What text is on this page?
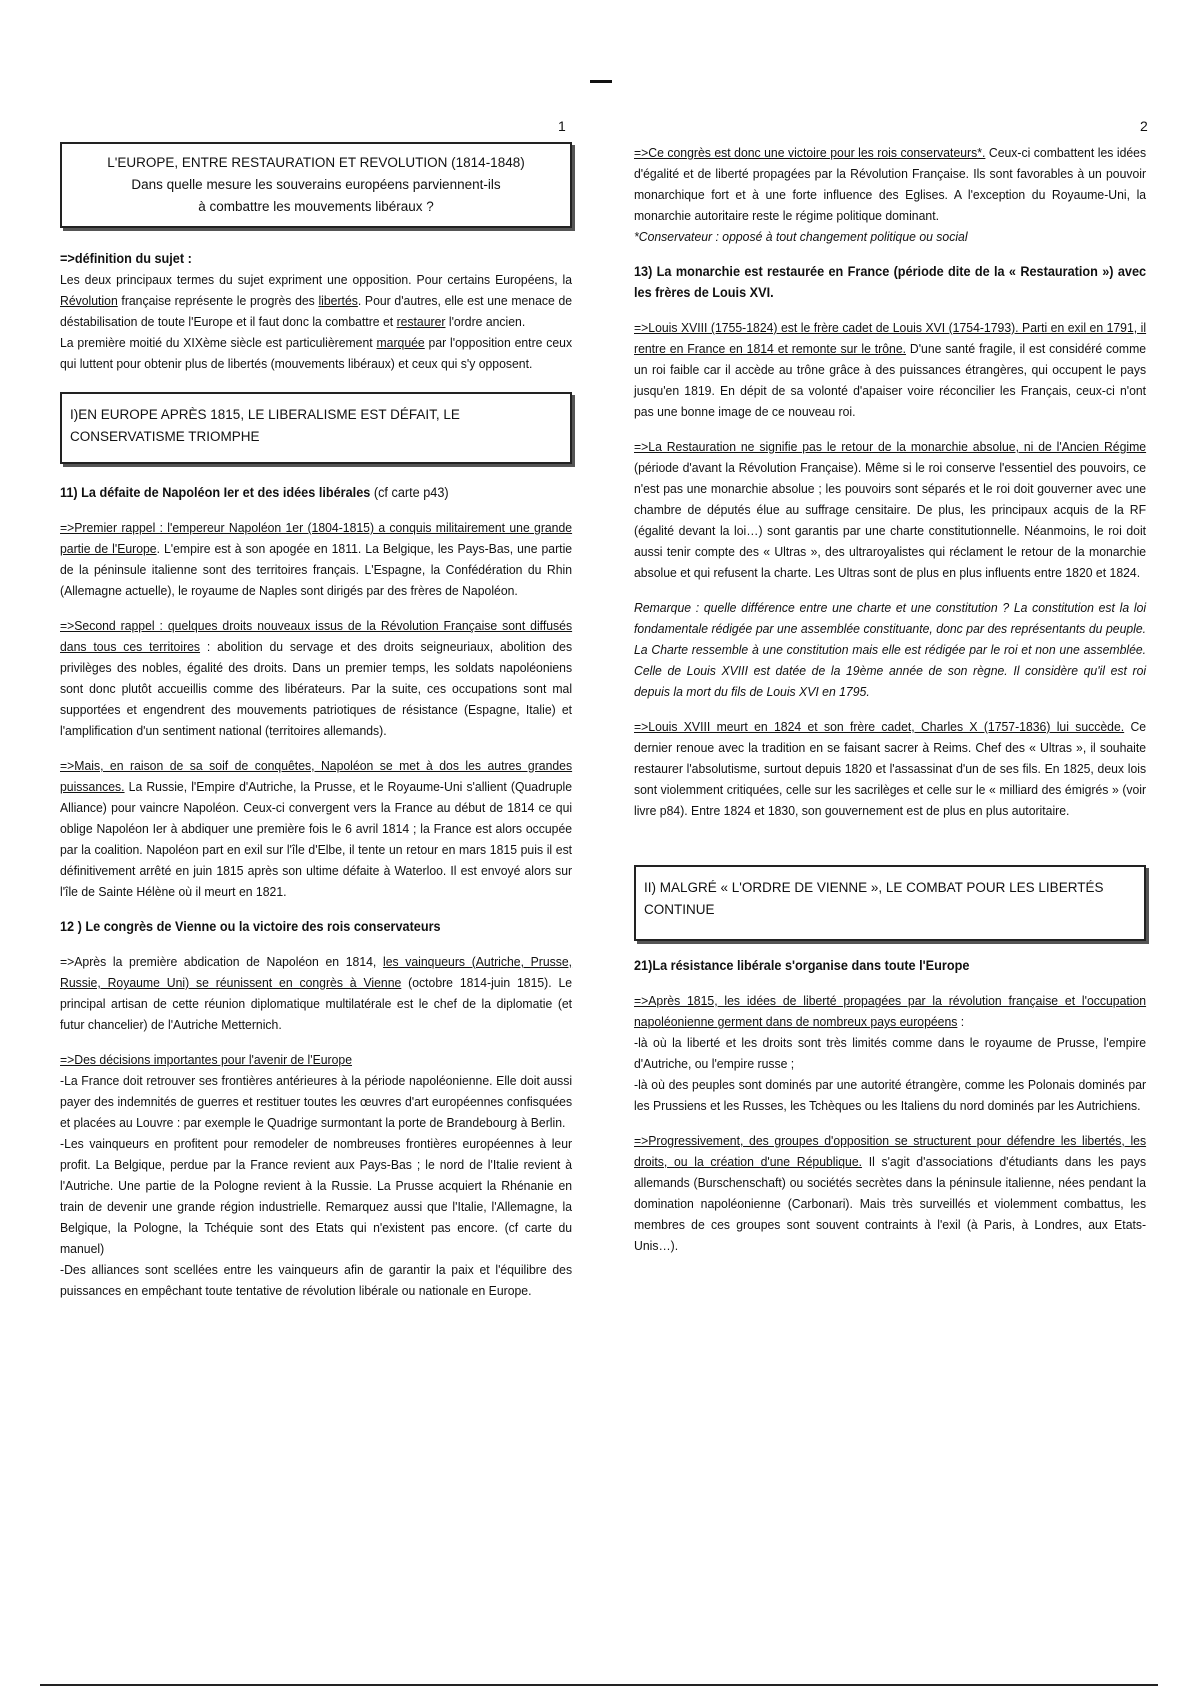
1	2
L'EUROPE, ENTRE RESTAURATION ET REVOLUTION (1814-1848)
Dans quelle mesure les souverains européens parviennent-ils
à combattre les mouvements libéraux ?

=>définition du sujet :

Les deux principaux termes du sujet expriment une opposition. Pour certains Européens, la Révolution française représente le progrès des libertés. Pour d'autres, elle est une menace de déstabilisation de toute l'Europe et il faut donc la combattre et restaurer l'ordre ancien.

La première moitié du XIXème siècle est particulièrement marquée par l'opposition entre ceux qui luttent pour obtenir plus de libertés (mouvements libéraux) et ceux qui s'y opposent.

I)EN EUROPE APRÈS 1815, LE LIBERALISME EST DÉFAIT, LE CONSERVATISME TRIOMPHE

11) La défaite de Napoléon Ier et des idées libérales (cf carte p43)

=>Premier rappel : l'empereur Napoléon 1er (1804-1815) a conquis militairement une grande partie de l'Europe. L'empire est à son apogée en 1811. La Belgique, les Pays-Bas, une partie de la péninsule italienne sont des territoires français. L'Espagne, la Confédération du Rhin (Allemagne actuelle), le royaume de Naples sont dirigés par des frères de Napoléon.

=>Second rappel : quelques droits nouveaux issus de la Révolution Française sont diffusés dans tous ces territoires : abolition du servage et des droits seigneuriaux, abolition des privilèges des nobles, égalité des droits. Dans un premier temps, les soldats napoléoniens sont donc plutôt accueillis comme des libérateurs. Par la suite, ces occupations sont mal supportées et engendrent des mouvements patriotiques de résistance (Espagne, Italie) et l'amplification d'un sentiment national (territoires allemands).

=>Mais, en raison de sa soif de conquêtes, Napoléon se met à dos les autres grandes puissances. La Russie, l'Empire d'Autriche, la Prusse, et le Royaume-Uni s'allient (Quadruple Alliance) pour vaincre Napoléon. Ceux-ci convergent vers la France au début de 1814 ce qui oblige Napoléon Ier à abdiquer une première fois le 6 avril 1814 ; la France est alors occupée par la coalition. Napoléon part en exil sur l'île d'Elbe, il tente un retour en mars 1815 puis il est définitivement arrêté en juin 1815 après son ultime défaite à Waterloo. Il est envoyé alors sur l'île de Sainte Hélène où il meurt en 1821.

12 ) Le congrès de Vienne ou la victoire des rois conservateurs

=>Après la première abdication de Napoléon en 1814, les vainqueurs (Autriche, Prusse, Russie, Royaume Uni) se réunissent en congrès à Vienne (octobre 1814-juin 1815). Le principal artisan de cette réunion diplomatique multilatérale est le chef de la diplomatie (et futur chancelier) de l'Autriche Metternich.

=>Des décisions importantes pour l'avenir de l'Europe

-La France doit retrouver ses frontières antérieures à la période napoléonienne. Elle doit aussi payer des indemnités de guerres et restituer toutes les œuvres d'art européennes confisquées et placées au Louvre : par exemple le Quadrige surmontant la porte de Brandebourg à Berlin.

-Les vainqueurs en profitent pour remodeler de nombreuses frontières européennes à leur profit. La Belgique, perdue par la France revient aux Pays-Bas ; le nord de l'Italie revient à l'Autriche. Une partie de la Pologne revient à la Russie. La Prusse acquiert la Rhénanie en train de devenir une grande région industrielle. Remarquez aussi que l'Italie, l'Allemagne, la Belgique, la Pologne, la Tchéquie sont des Etats qui n'existent pas encore. (cf carte du manuel)

-Des alliances sont scellées entre les vainqueurs afin de garantir la paix et l'équilibre des puissances en empêchant toute tentative de révolution libérale ou nationale en Europe.

=>Ce congrès est donc une victoire pour les rois conservateurs*. Ceux-ci combattent les idées d'égalité et de liberté propagées par la Révolution Française. Ils sont favorables à un pouvoir monarchique fort et à une forte influence des Eglises. A l'exception du Royaume-Uni, la monarchie autoritaire reste le régime politique dominant.

*Conservateur : opposé à tout changement politique ou social

13) La monarchie est restaurée en France (période dite de la « Restauration ») avec les frères de Louis XVI.

=>Louis XVIII (1755-1824) est le frère cadet de Louis XVI (1754-1793). Parti en exil en 1791, il rentre en France en 1814 et remonte sur le trône. D'une santé fragile, il est considéré comme un roi faible car il accède au trône grâce à des puissances étrangères, qui occupent le pays jusqu'en 1819. En dépit de sa volonté d'apaiser voire réconcilier les Français, ceux-ci n'ont pas une bonne image de ce nouveau roi.

=>La Restauration ne signifie pas le retour de la monarchie absolue, ni de l'Ancien Régime (période d'avant la Révolution Française). Même si le roi conserve l'essentiel des pouvoirs, ce n'est pas une monarchie absolue ; les pouvoirs sont séparés et le roi doit gouverner avec une chambre de députés élue au suffrage censitaire. De plus, les principaux acquis de la RF (égalité devant la loi…) sont garantis par une charte constitutionnelle. Néanmoins, le roi doit aussi tenir compte des « Ultras », des ultraroyalistes qui réclament le retour de la monarchie absolue et qui refusent la charte. Les Ultras sont de plus en plus influents entre 1820 et 1824.

Remarque : quelle différence entre une charte et une constitution ? La constitution est la loi fondamentale rédigée par une assemblée constituante, donc par des représentants du peuple. La Charte ressemble à une constitution mais elle est rédigée par le roi et non une assemblée. Celle de Louis XVIII est datée de la 19ème année de son règne. Il considère qu'il est roi depuis la mort du fils de Louis XVI en 1795.

=>Louis XVIII meurt en 1824 et son frère cadet, Charles X (1757-1836) lui succède. Ce dernier renoue avec la tradition en se faisant sacrer à Reims. Chef des « Ultras », il souhaite restaurer l'absolutisme, surtout depuis 1820 et l'assassinat d'un de ses fils. En 1825, deux lois sont violemment critiquées, celle sur les sacrilèges et celle sur le « milliard des émigrés » (voir livre p84). Entre 1824 et 1830, son gouvernement est de plus en plus autoritaire.

II) MALGRÉ « L'ORDRE DE VIENNE », LE COMBAT POUR LES LIBERTÉS CONTINUE

21)La résistance libérale s'organise dans toute l'Europe

=>Après 1815, les idées de liberté propagées par la révolution française et l'occupation napoléonienne germent dans de nombreux pays européens :

-là où la liberté et les droits sont très limités comme dans le royaume de Prusse, l'empire d'Autriche, ou l'empire russe ;

-là où des peuples sont dominés par une autorité étrangère, comme les Polonais dominés par les Prussiens et les Russes, les Tchèques ou les Italiens du nord dominés par les Autrichiens.

=>Progressivement, des groupes d'opposition se structurent pour défendre les libertés, les droits, ou la création d'une République. Il s'agit d'associations d'étudiants dans les pays allemands (Burschenschaft) ou sociétés secrètes dans la péninsule italienne, nées pendant la domination napoléonienne (Carbonari). Mais très surveillés et violemment combattus, les membres de ces groupes sont souvent contraints à l'exil (à Paris, à Londres, aux Etats-Unis…).
